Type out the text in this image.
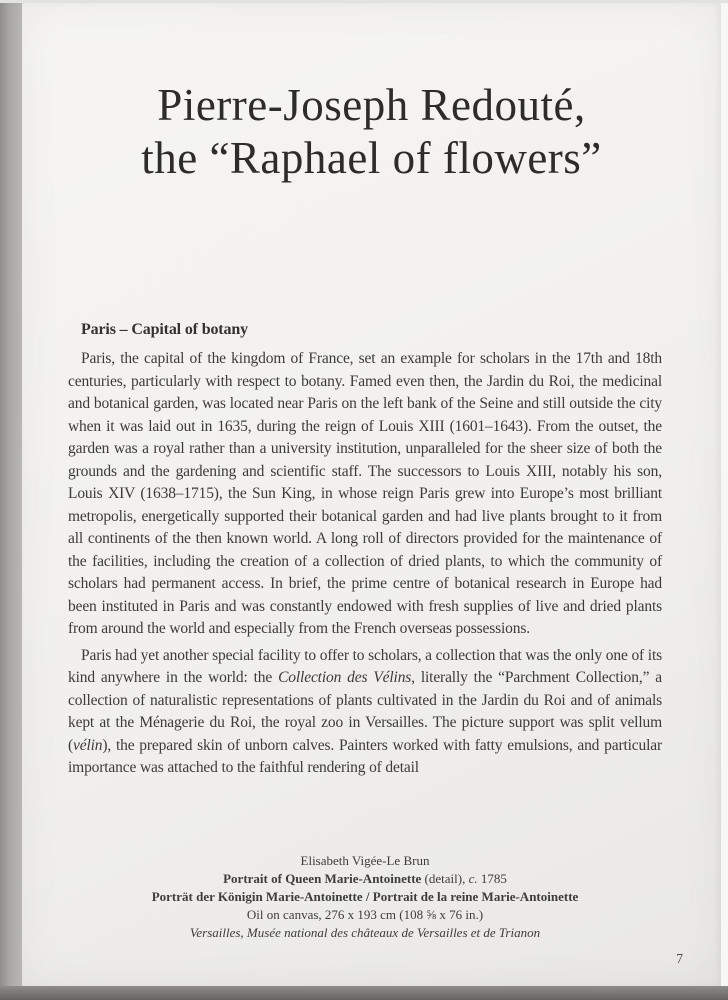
Pierre-Joseph Redouté,
the “Raphael of flowers”
Paris – Capital of botany

Paris, the capital of the kingdom of France, set an example for scholars in the 17th and 18th centuries, particularly with respect to botany. Famed even then, the Jardin du Roi, the medicinal and botanical garden, was located near Paris on the left bank of the Seine and still outside the city when it was laid out in 1635, during the reign of Louis XIII (1601–1643). From the outset, the garden was a royal rather than a university institution, unparalleled for the sheer size of both the grounds and the gardening and scientific staff. The successors to Louis XIII, notably his son, Louis XIV (1638–1715), the Sun King, in whose reign Paris grew into Europe’s most brilliant metropolis, energetically supported their botanical garden and had live plants brought to it from all continents of the then known world. A long roll of directors provided for the maintenance of the facilities, including the creation of a collection of dried plants, to which the community of scholars had permanent access. In brief, the prime centre of botanical research in Europe had been instituted in Paris and was constantly endowed with fresh supplies of live and dried plants from around the world and especially from the French overseas possessions.

Paris had yet another special facility to offer to scholars, a collection that was the only one of its kind anywhere in the world: the Collection des Vélins, literally the “Parchment Collection,” a collection of naturalistic representations of plants cultivated in the Jardin du Roi and of animals kept at the Ménagerie du Roi, the royal zoo in Versailles. The picture support was split vellum (vélin), the prepared skin of unborn calves. Painters worked with fatty emulsions, and particular importance was attached to the faithful rendering of detail

Elisabeth Vigée-Le Brun
Portrait of Queen Marie-Antoinette (detail), c. 1785
Porträt der Königin Marie-Antoinette / Portrait de la reine Marie-Antoinette
Oil on canvas, 276 x 193 cm (108 ⅝ x 76 in.)
Versailles, Musée national des châteaux de Versailles et de Trianon
7
